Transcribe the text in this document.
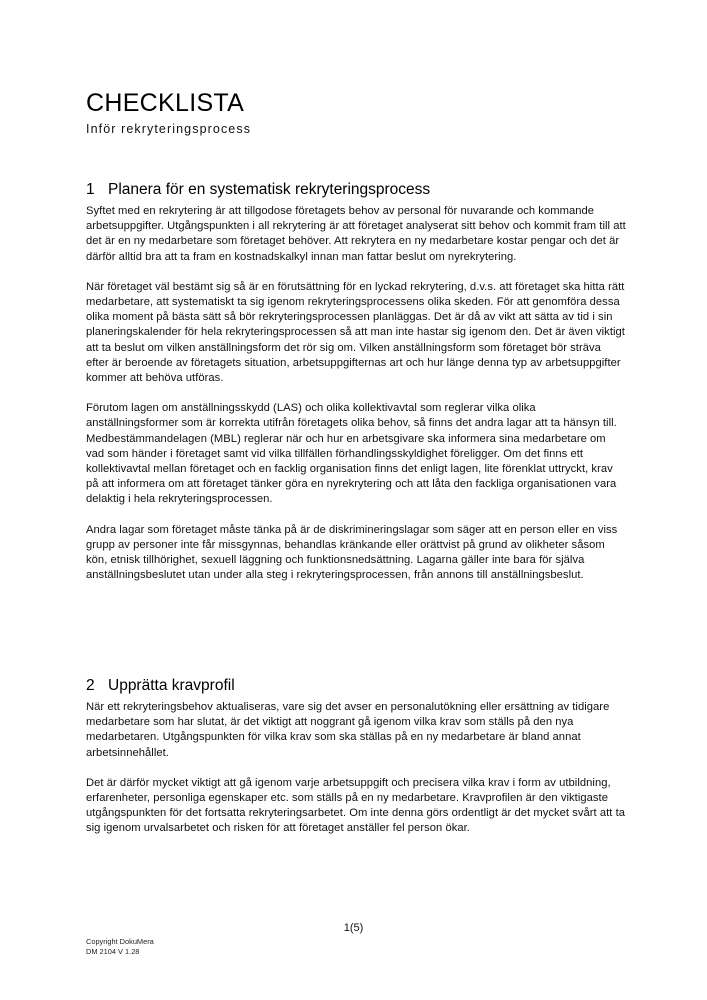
CHECKLISTA
Inför rekryteringsprocess
1 Planera för en systematisk rekryteringsprocess

Syftet med en rekrytering är att tillgodose företagets behov av personal för nuvarande och kommande arbetsuppgifter. Utgångspunkten i all rekrytering är att företaget analyserat sitt behov och kommit fram till att det är en ny medarbetare som företaget behöver. Att rekrytera en ny medarbetare kostar pengar och det är därför alltid bra att ta fram en kostnadskalkyl innan man fattar beslut om nyrekrytering.

När företaget väl bestämt sig så är en förutsättning för en lyckad rekrytering, d.v.s. att företaget ska hitta rätt medarbetare, att systematiskt ta sig igenom rekryteringsprocessens olika skeden. För att genomföra dessa olika moment på bästa sätt så bör rekryteringsprocessen planläggas. Det är då av vikt att sätta av tid i sin planeringskalender för hela rekryteringsprocessen så att man inte hastar sig igenom den. Det är även viktigt att ta beslut om vilken anställningsform det rör sig om. Vilken anställningsform som företaget bör sträva efter är beroende av företagets situation, arbetsuppgifternas art och hur länge denna typ av arbetsuppgifter kommer att behöva utföras.

Förutom lagen om anställningsskydd (LAS) och olika kollektivavtal som reglerar vilka olika anställningsformer som är korrekta utifrån företagets olika behov, så finns det andra lagar att ta hänsyn till. Medbestämmandelagen (MBL) reglerar när och hur en arbetsgivare ska informera sina medarbetare om vad som händer i företaget samt vid vilka tillfällen förhandlingsskyldighet föreligger. Om det finns ett kollektivavtal mellan företaget och en facklig organisation finns det enligt lagen, lite förenklat uttryckt, krav på att informera om att företaget tänker göra en nyrekrytering och att låta den fackliga organisationen vara delaktig i hela rekryteringsprocessen.

Andra lagar som företaget måste tänka på är de diskrimineringslagar som säger att en person eller en viss grupp av personer inte får missgynnas, behandlas kränkande eller orättvist på grund av olikheter såsom kön, etnisk tillhörighet, sexuell läggning och funktionsnedsättning. Lagarna gäller inte bara för själva anställningsbeslutet utan under alla steg i rekryteringsprocessen, från annons till anställningsbeslut.

2 Upprätta kravprofil

När ett rekryteringsbehov aktualiseras, vare sig det avser en personalutökning eller ersättning av tidigare medarbetare som har slutat, är det viktigt att noggrant gå igenom vilka krav som ställs på den nya medarbetaren. Utgångspunkten för vilka krav som ska ställas på en ny medarbetare är bland annat arbetsinnehållet.

Det är därför mycket viktigt att gå igenom varje arbetsuppgift och precisera vilka krav i form av utbildning, erfarenheter, personliga egenskaper etc. som ställs på en ny medarbetare. Kravprofilen är den viktigaste utgångspunkten för det fortsatta rekryteringsarbetet. Om inte denna görs ordentligt är det mycket svårt att ta sig igenom urvalsarbetet och risken för att företaget anställer fel person ökar.

1(5)
Copyright DokuMera
DM 2104 V 1.28
